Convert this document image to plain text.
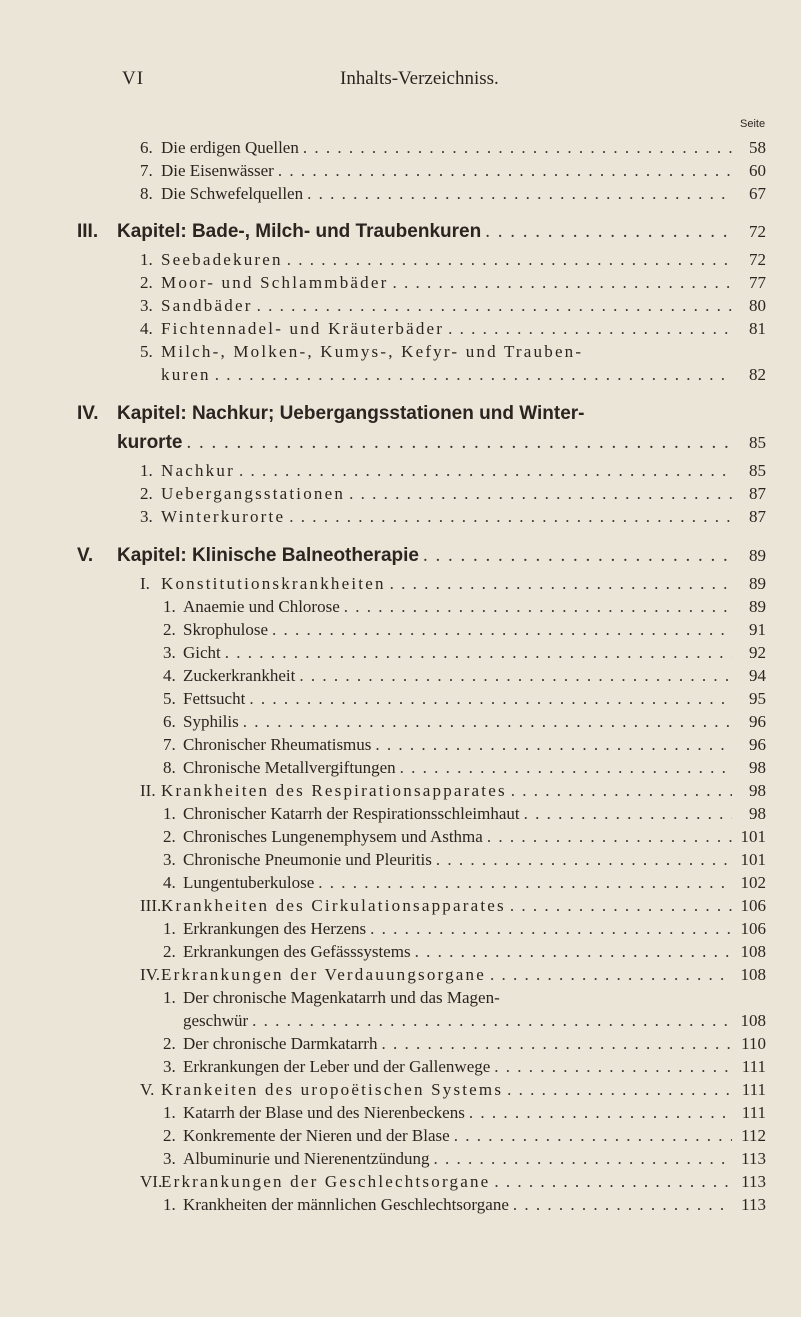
VI	Inhalts-Verzeichniss.
Seite
6. Die erdigen Quellen . . .	58
7. Die Eisenwässer . . .	60
8. Die Schwefelquellen . . .	67
III. Kapitel: Bade-, Milch- und Traubenkuren . . .	72
1. Seebadekuren . . .	72
2. Moor- und Schlammbäder . . .	77
3. Sandbäder . . .	80
4. Fichtennadel- und Kräuterbäder . . .	81
5. Milch-, Molken-, Kumys-, Kefyr- und Trauben-
kuren . . .	82
IV. Kapitel: Nachkur; Uebergangsstationen und Winter-
kurorte . . .	85
1. Nachkur . . .	85
2. Uebergangsstationen . . .	87
3. Winterkurorte . . .	87
V. Kapitel: Klinische Balneotherapie . . .	89
I. Konstitutionskrankheiten . . .	89
1. Anaemie und Chlorose . . .	89
2. Skrophulose . . .	91
3. Gicht . . .	92
4. Zuckerkrankheit . . .	94
5. Fettsucht . . .	95
6. Syphilis . . .	96
7. Chronischer Rheumatismus . . .	96
8. Chronische Metallvergiftungen . . .	98
II. Krankheiten des Respirationsapparates . . .	98
1. Chronischer Katarrh der Respirationsschleimhaut . . .	98
2. Chronisches Lungenemphysem und Asthma . . .	101
3. Chronische Pneumonie und Pleuritis . . .	101
4. Lungentuberkulose . . .	102
III. Krankheiten des Cirkulationsapparates . . .	106
1. Erkrankungen des Herzens . . .	106
2. Erkrankungen des Gefässsystems . . .	108
IV. Erkrankungen der Verdauungsorgane . . .	108
1. Der chronische Magenkatarrh und das Magen-
geschwür . . .	108
2. Der chronische Darmkatarrh . . .	110
3. Erkrankungen der Leber und der Gallenwege . . .	111
V. Krankeiten des uropoëtischen Systems . . .	111
1. Katarrh der Blase und des Nierenbeckens . . .	111
2. Konkremente der Nieren und der Blase . . .	112
3. Albuminurie und Nierenentzündung . . .	113
VI.
Erkrankungen der Geschlechtsorgane . . .	113
1. Krankheiten der männlichen Geschlechtsorgane . . .	113
